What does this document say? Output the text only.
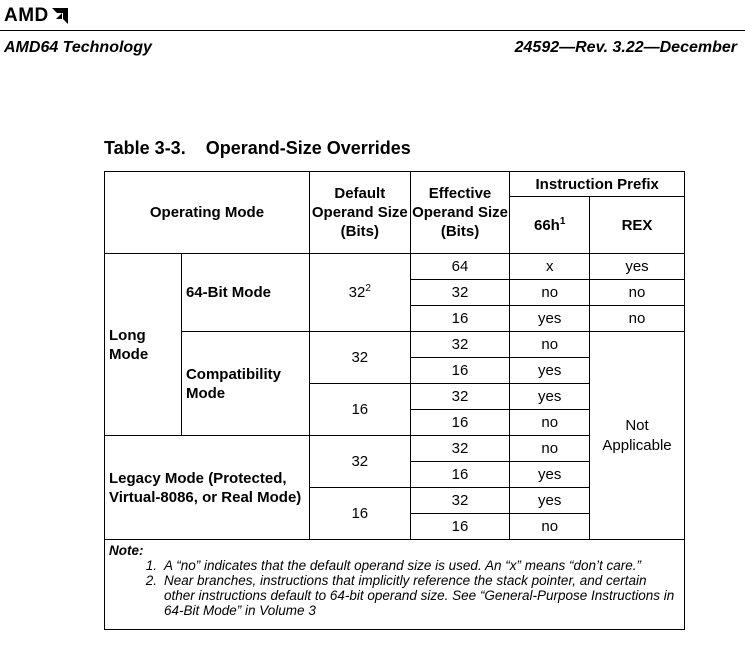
AMD
AMD64 Technology	24592—Rev. 3.22—December
Table 3-3.    Operand-Size Overrides
Operating Mode		Default Operand Size (Bits)	Effective Operand Size (Bits)	Instruction Prefix	
				$66h^1$	REX
Long Mode	64-Bit Mode	$32^2$	64	x	yes
			32	no	no
			16	yes	no
	Compatibility Mode	32	32	no	Not Applicable
			16	yes	
		16	32	yes	
			16	no	
Legacy Mode (Protected, Virtual-8086, or Real Mode)		32	32	no	
			16	yes	
		16	32	yes	
			16	no	

Note:
1. A “no” indicates that the default operand size is used. An “x” means “don’t care.”
2. Near branches, instructions that implicitly reference the stack pointer, and certain other instructions default to 64-bit operand size. See “General-Purpose Instructions in 64-Bit Mode” in Volume 3					
